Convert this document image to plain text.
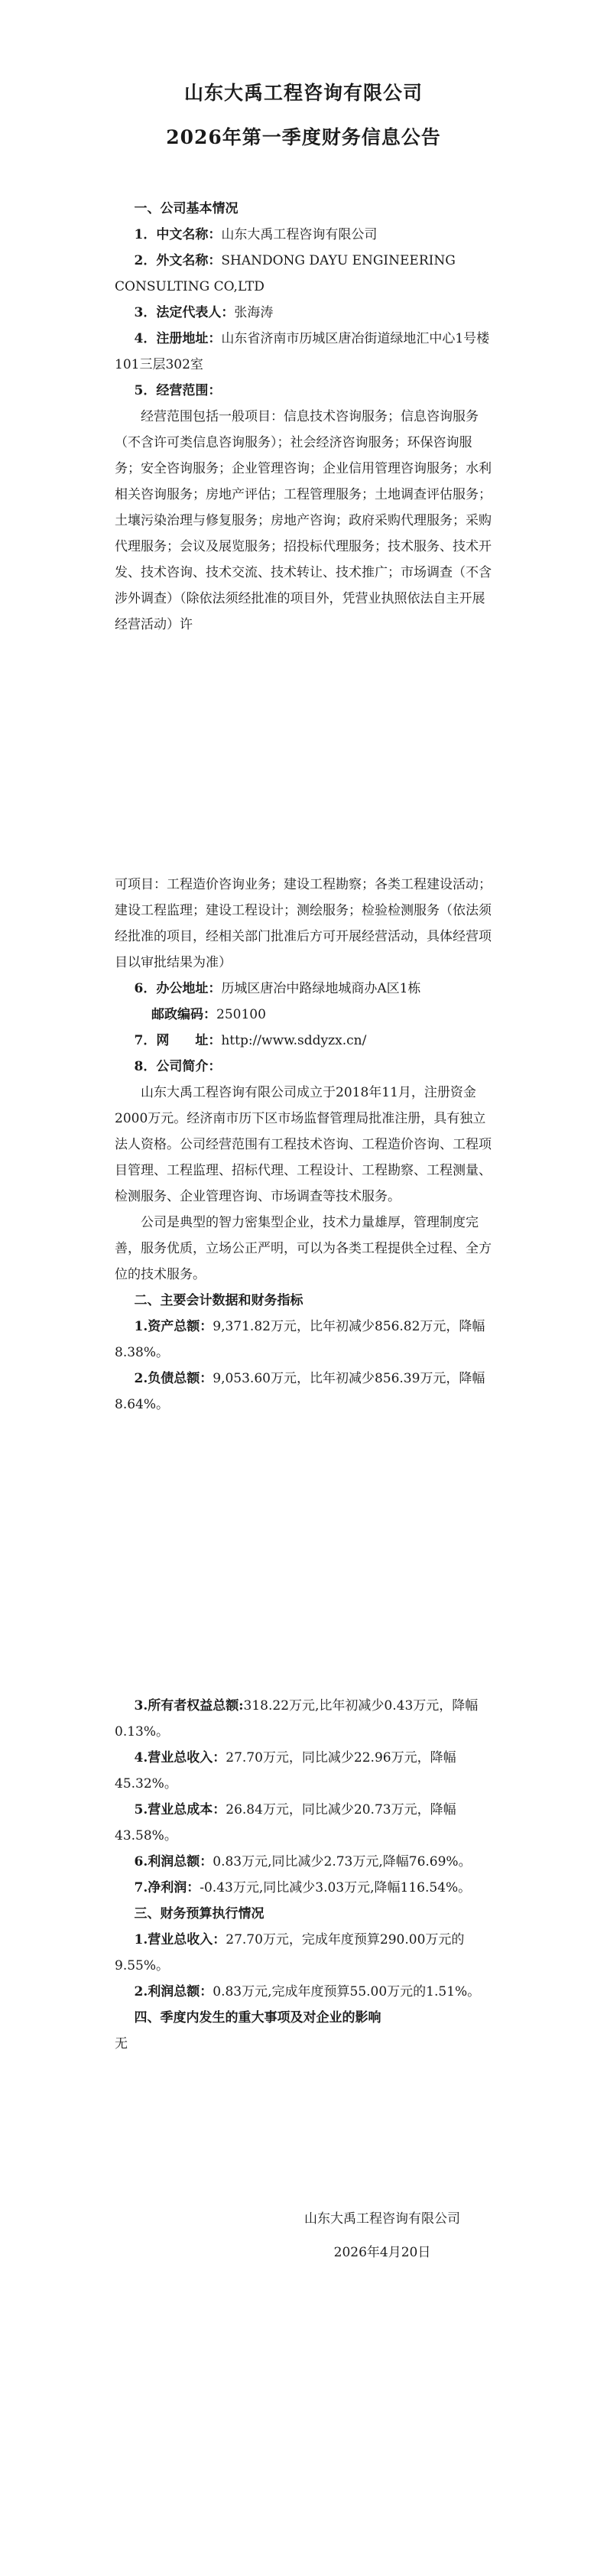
山东大禹工程咨询有限公司
2026年第一季度财务信息公告

一、公司基本情况

1．中文名称：山东大禹工程咨询有限公司

2．外文名称：SHANDONG DAYU ENGINEERING CONSULTING CO,LTD

3．法定代表人：张海涛

4．注册地址：山东省济南市历城区唐冶街道绿地汇中心1号楼101三层302室

5．经营范围：

经营范围包括一般项目：信息技术咨询服务；信息咨询服务（不含许可类信息咨询服务）；社会经济咨询服务；环保咨询服务；安全咨询服务；企业管理咨询；企业信用管理咨询服务；水利相关咨询服务；房地产评估；工程管理服务；土地调查评估服务；土壤污染治理与修复服务；房地产咨询；政府采购代理服务；采购代理服务；会议及展览服务；招投标代理服务；技术服务、技术开发、技术咨询、技术交流、技术转让、技术推广；市场调查（不含涉外调查）（除依法须经批准的项目外，凭营业执照依法自主开展经营活动）许

可项目：工程造价咨询业务；建设工程勘察；各类工程建设活动；建设工程监理；建设工程设计；测绘服务；检验检测服务（依法须经批准的项目，经相关部门批准后方可开展经营活动，具体经营项目以审批结果为准）

6．办公地址：历城区唐冶中路绿地城商办A区1栋

邮政编码：250100

7．网　　址：http://www.sddyzx.cn/

8．公司简介：

山东大禹工程咨询有限公司成立于2018年11月，注册资金2000万元。经济南市历下区市场监督管理局批准注册，具有独立法人资格。公司经营范围有工程技术咨询、工程造价咨询、工程项目管理、工程监理、招标代理、工程设计、工程勘察、工程测量、检测服务、企业管理咨询、市场调查等技术服务。

公司是典型的智力密集型企业，技术力量雄厚，管理制度完善，服务优质，立场公正严明，可以为各类工程提供全过程、全方位的技术服务。

二、主要会计数据和财务指标

1.资产总额：9,371.82万元，比年初减少856.82万元，降幅8.38%。

2.负债总额：9,053.60万元，比年初减少856.39万元，降幅8.64%。

3.所有者权益总额:318.22万元,比年初减少0.43万元，降幅0.13%。

4.营业总收入：27.70万元，同比减少22.96万元，降幅45.32%。

5.营业总成本：26.84万元，同比减少20.73万元，降幅43.58%。

6.利润总额：0.83万元,同比减少2.73万元,降幅76.69%。

7.净利润：-0.43万元,同比减少3.03万元,降幅116.54%。

三、财务预算执行情况

1.营业总收入：27.70万元，完成年度预算290.00万元的9.55%。

2.利润总额：0.83万元,完成年度预算55.00万元的1.51%。

四、季度内发生的重大事项及对企业的影响

无

山东大禹工程咨询有限公司

2026年4月20日
